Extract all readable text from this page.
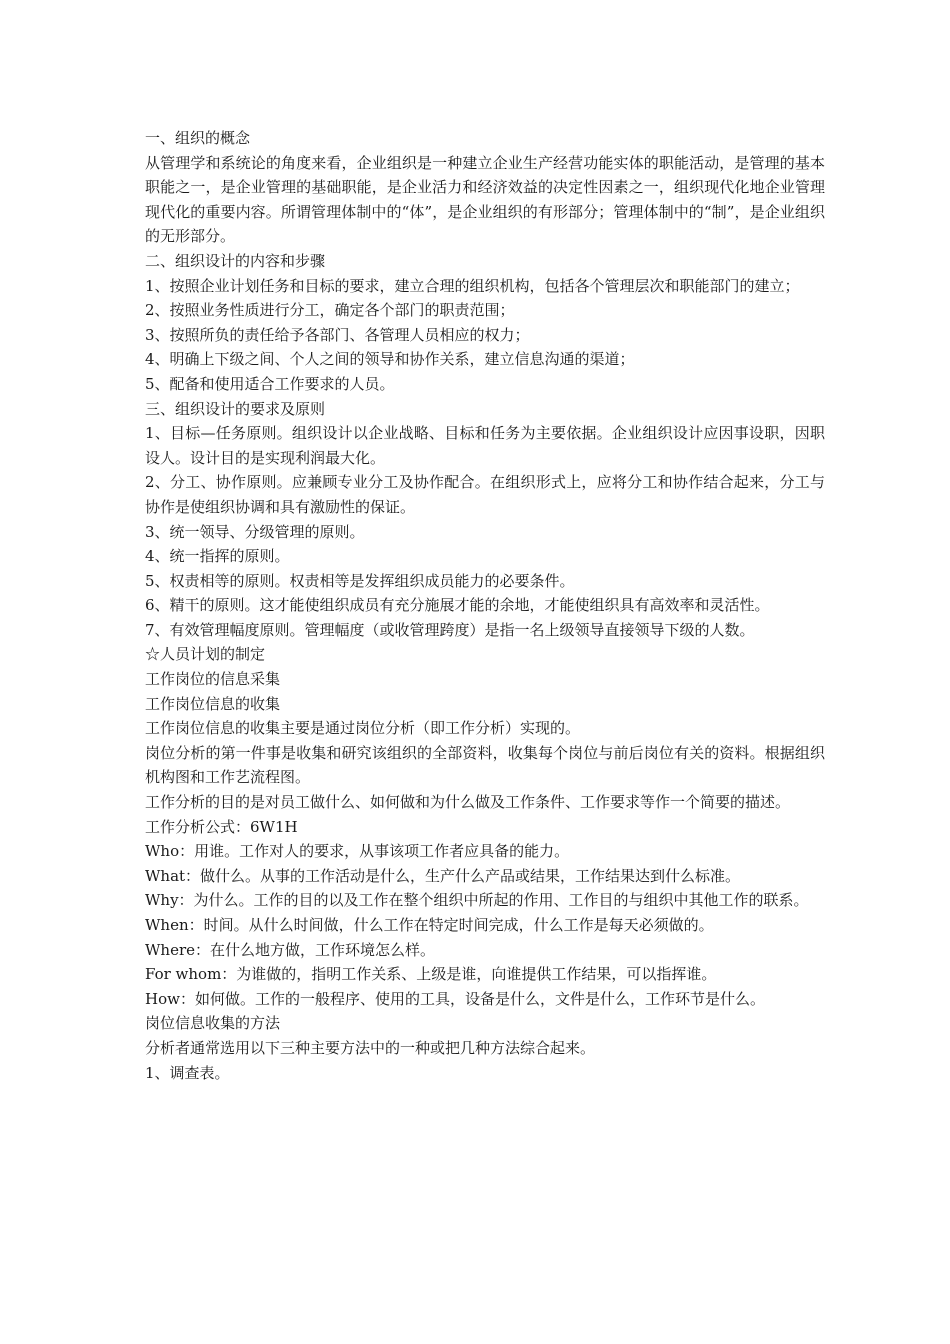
一、组织的概念

从管理学和系统论的角度来看，企业组织是一种建立企业生产经营功能实体的职能活动，是管理的基本职能之一，是企业管理的基础职能，是企业活力和经济效益的决定性因素之一，组织现代化地企业管理现代化的重要内容。所谓管理体制中的“体”，是企业组织的有形部分；管理体制中的“制”，是企业组织的无形部分。

二、组织设计的内容和步骤

1、按照企业计划任务和目标的要求，建立合理的组织机构，包括各个管理层次和职能部门的建立；

2、按照业务性质进行分工，确定各个部门的职责范围；

3、按照所负的责任给予各部门、各管理人员相应的权力；

4、明确上下级之间、个人之间的领导和协作关系，建立信息沟通的渠道；

5、配备和使用适合工作要求的人员。

三、组织设计的要求及原则

1、目标—任务原则。组织设计以企业战略、目标和任务为主要依据。企业组织设计应因事设职，因职设人。设计目的是实现利润最大化。

2、分工、协作原则。应兼顾专业分工及协作配合。在组织形式上，应将分工和协作结合起来，分工与协作是使组织协调和具有激励性的保证。

3、统一领导、分级管理的原则。

4、统一指挥的原则。

5、权责相等的原则。权责相等是发挥组织成员能力的必要条件。

6、精干的原则。这才能使组织成员有充分施展才能的余地，才能使组织具有高效率和灵活性。

7、有效管理幅度原则。管理幅度（或收管理跨度）是指一名上级领导直接领导下级的人数。

☆人员计划的制定

工作岗位的信息采集

工作岗位信息的收集

工作岗位信息的收集主要是通过岗位分析（即工作分析）实现的。

岗位分析的第一件事是收集和研究该组织的全部资料，收集每个岗位与前后岗位有关的资料。根据组织机构图和工作艺流程图。

工作分析的目的是对员工做什么、如何做和为什么做及工作条件、工作要求等作一个简要的描述。

工作分析公式：6W1H

Who：用谁。工作对人的要求，从事该项工作者应具备的能力。

What：做什么。从事的工作活动是什么，生产什么产品或结果，工作结果达到什么标准。

Why：为什么。工作的目的以及工作在整个组织中所起的作用、工作目的与组织中其他工作的联系。

When：时间。从什么时间做，什么工作在特定时间完成，什么工作是每天必须做的。

Where：在什么地方做，工作环境怎么样。

For whom：为谁做的，指明工作关系、上级是谁，向谁提供工作结果，可以指挥谁。

How：如何做。工作的一般程序、使用的工具，设备是什么，文件是什么，工作环节是什么。

岗位信息收集的方法

分析者通常选用以下三种主要方法中的一种或把几种方法综合起来。

1、调查表。
